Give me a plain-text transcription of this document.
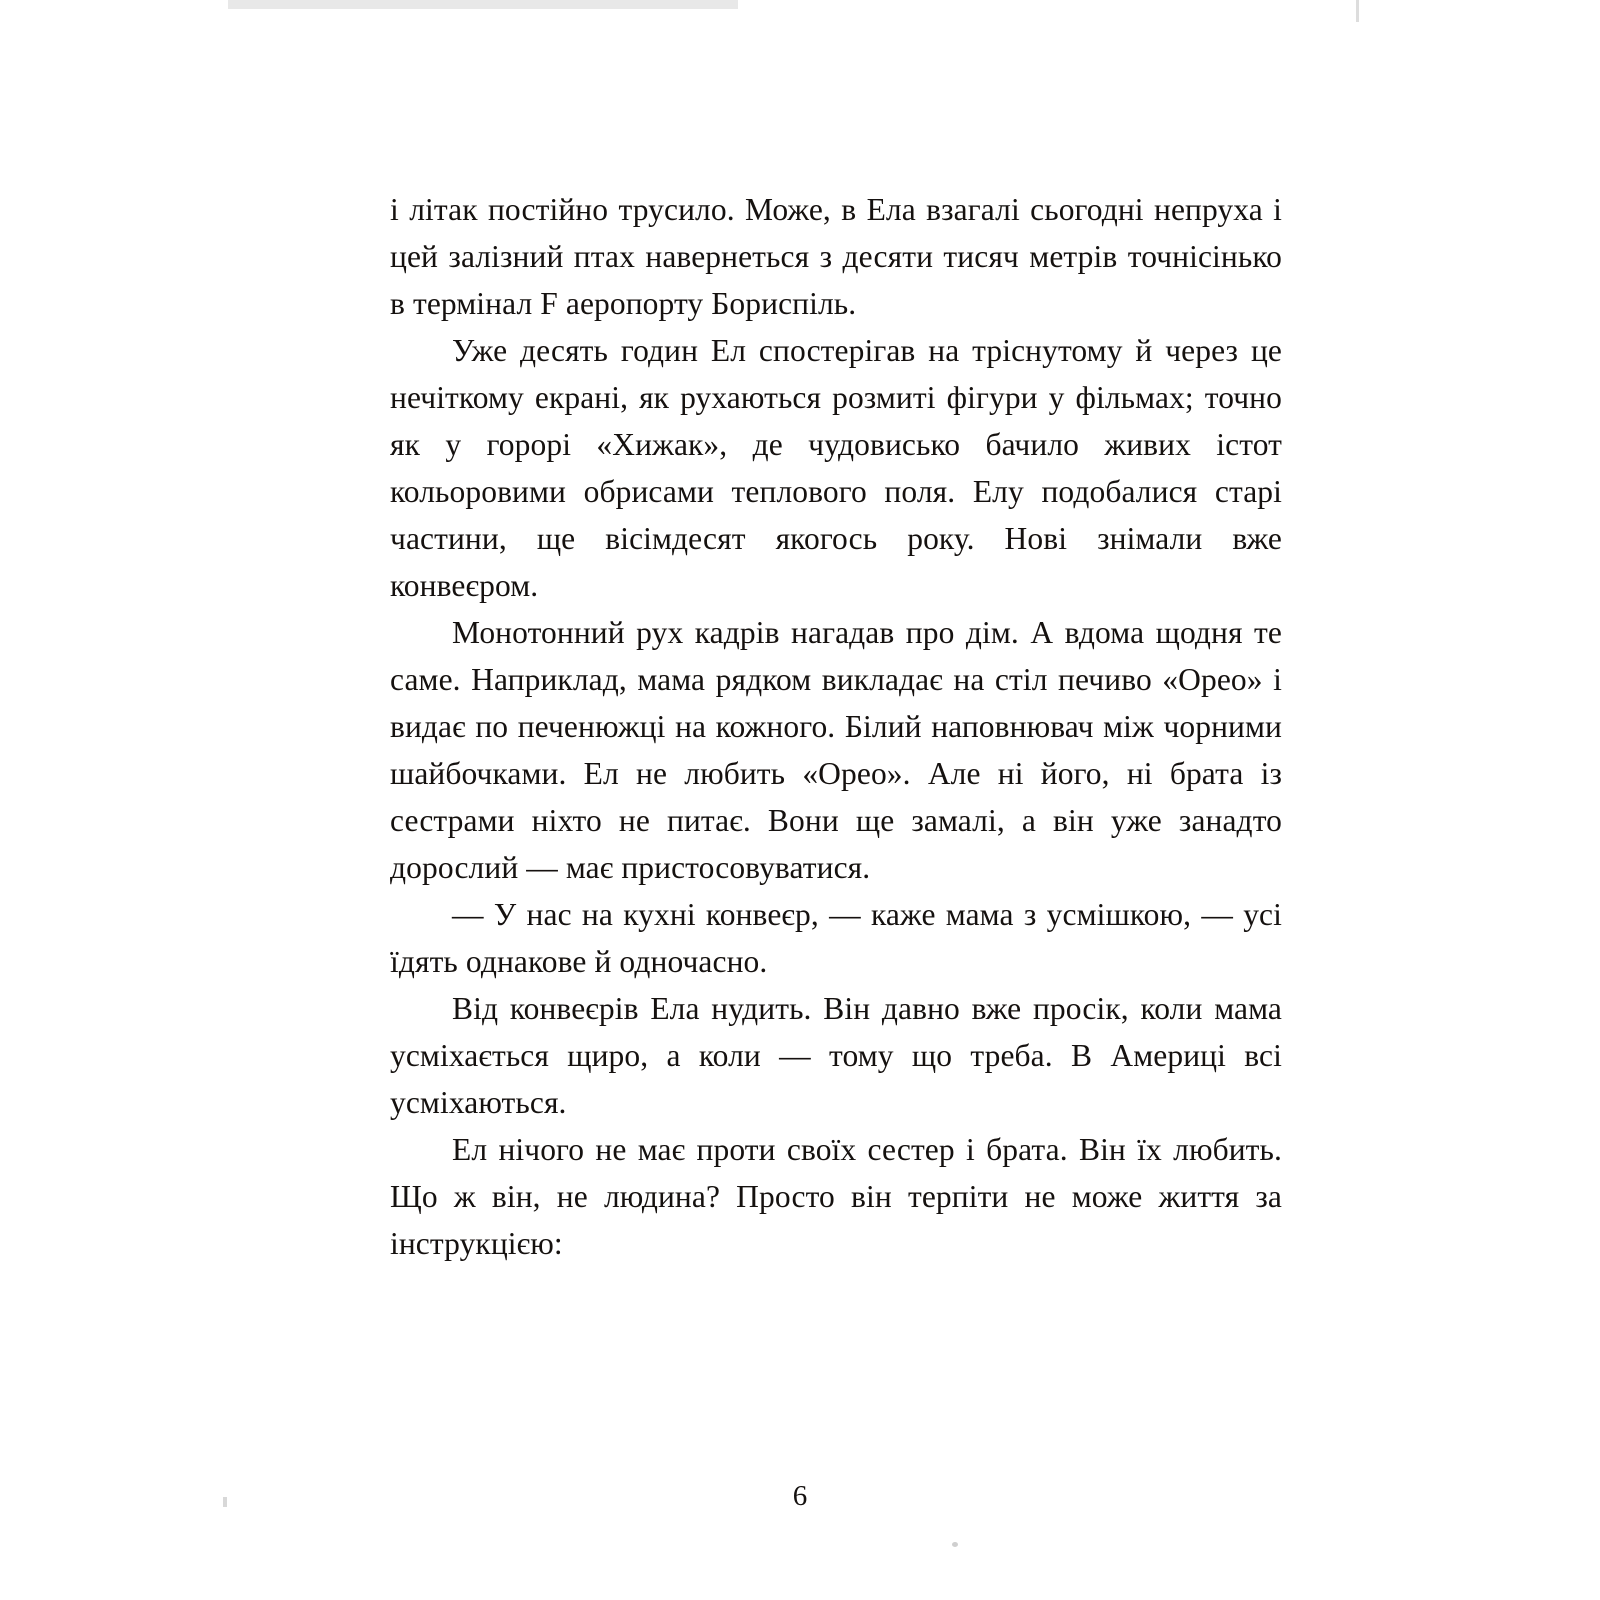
і літак постійно трусило. Може, в Ела взагалі сьогодні непруха і цей залізний птах навернеться з десяти тисяч метрів точнісінько в термінал F аеропорту Бориспіль.

Уже десять годин Ел спостерігав на тріснутому й через це нечіткому екрані, як рухаються розмиті фігури у фільмах; точно як у горорі «Хижак», де чудовисько бачило живих істот кольоровими обрисами теплового поля. Елу подобалися старі частини, ще вісімдесят якогось року. Нові знімали вже конвеєром.

Монотонний рух кадрів нагадав про дім. А вдома щодня те саме. Наприклад, мама рядком викладає на стіл печиво «Орео» і видає по печенюжці на кожного. Білий наповнювач між чорними шайбочками. Ел не любить «Орео». Але ні його, ні брата із сестрами ніхто не питає. Вони ще замалі, а він уже занадто дорослий — має пристосовуватися.

— У нас на кухні конвеєр, — каже мама з усмішкою, — усі їдять однакове й одночасно.

Від конвеєрів Ела нудить. Він давно вже просік, коли мама усміхається щиро, а коли — тому що треба. В Америці всі усміхаються.

Ел нічого не має проти своїх сестер і брата. Він їх любить. Що ж він, не людина? Просто він терпіти не може життя за інструкцією:

6
